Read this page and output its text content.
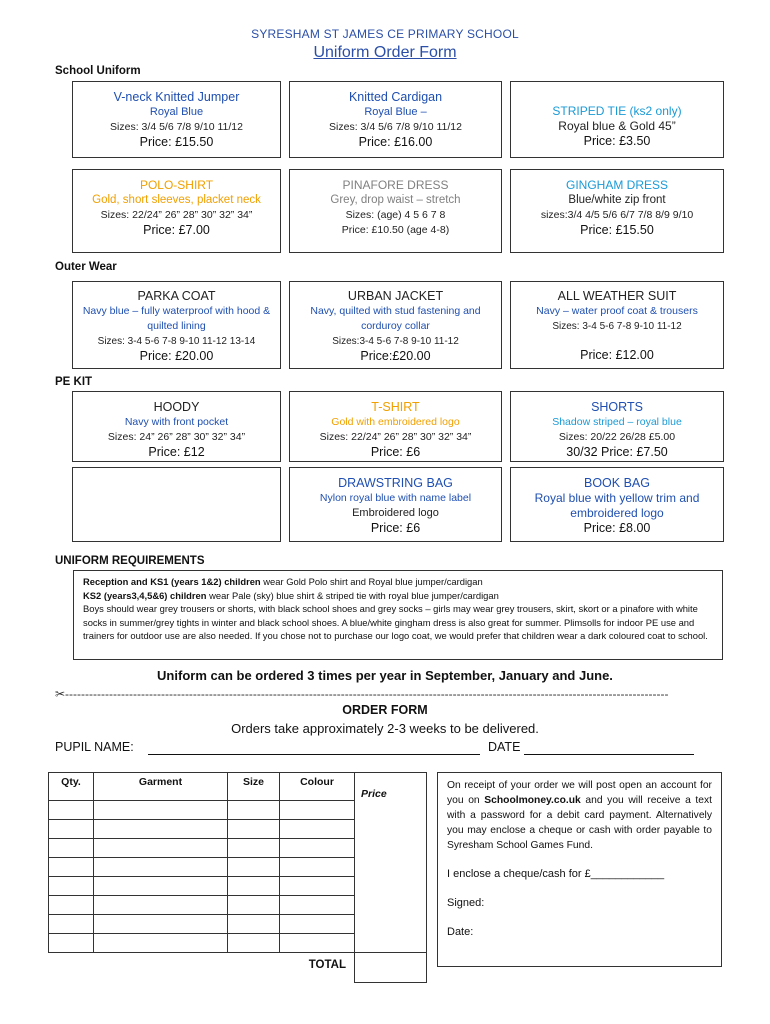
SYRESHAM ST JAMES CE PRIMARY SCHOOL
Uniform Order Form
School Uniform
V-neck Knitted Jumper
Royal Blue
Sizes: 3/4 5/6 7/8 9/10 11/12
Price: £15.50
Knitted Cardigan
Royal Blue –
Sizes: 3/4 5/6 7/8 9/10 11/12
Price: £16.00
STRIPED TIE (ks2 only)
Royal blue & Gold 45”
Price: £3.50
POLO-SHIRT
Gold, short sleeves, placket neck
Sizes: 22/24” 26” 28” 30” 32” 34”
Price: £7.00
PINAFORE DRESS
Grey, drop waist – stretch
Sizes: (age) 4 5 6 7 8
Price: £10.50 (age 4-8)
GINGHAM DRESS
Blue/white zip front
sizes:3/4 4/5 5/6 6/7 7/8 8/9 9/10
Price: £15.50
Outer Wear
PARKA COAT
Navy blue – fully waterproof with hood & quilted lining
Sizes: 3-4 5-6 7-8 9-10 11-12 13-14
Price: £20.00
URBAN JACKET
Navy, quilted with stud fastening and corduroy collar
Sizes:3-4 5-6 7-8 9-10 11-12
Price:£20.00
ALL WEATHER SUIT
Navy – water proof coat & trousers
Sizes: 3-4 5-6 7-8 9-10 11-12
Price: £12.00
PE KIT
HOODY
Navy with front pocket
Sizes: 24” 26” 28” 30” 32” 34”
Price: £12
T-SHIRT
Gold with embroidered logo
Sizes: 22/24” 26” 28” 30” 32” 34”
Price: £6
SHORTS
Shadow striped – royal blue
Sizes: 20/22 26/28 £5.00
30/32 Price: £7.50
DRAWSTRING BAG
Nylon royal blue with name label
Embroidered logo
Price: £6
BOOK BAG
Royal blue with yellow trim and embroidered logo
Price: £8.00
UNIFORM REQUIREMENTS
Reception and KS1 (years 1&2) children wear Gold Polo shirt and Royal blue jumper/cardigan
KS2 (years3,4,5&6) children wear Pale (sky) blue shirt & striped tie with royal blue jumper/cardigan
Boys should wear grey trousers or shorts, with black school shoes and grey socks – girls may wear grey trousers, skirt, skort or a pinafore with white socks in summer/grey tights in winter and black school shoes. A blue/white gingham dress is also great for summer. Plimsolls for indoor PE use and trainers for outdoor use are also needed. If you chose not to purchase our logo coat, we would prefer that children wear a dark coloured coat to school.
Uniform can be ordered 3 times per year in September, January and June.
✂-------------------------------------------------------------------------------------------------------------------------------------------------------
ORDER FORM
Orders take approximately 2-3 weeks to be delivered.
PUPIL NAME:	DATE
Qty.	Garment	Size	Colour	Price

TOTAL				

On receipt of your order we will post open an account for you on Schoolmoney.co.uk and you will receive a text with a password for a debit card payment. Alternatively you may enclose a cheque or cash with order payable to Syresham School Games Fund.

I enclose a cheque/cash for £____________

Signed:

Date:
